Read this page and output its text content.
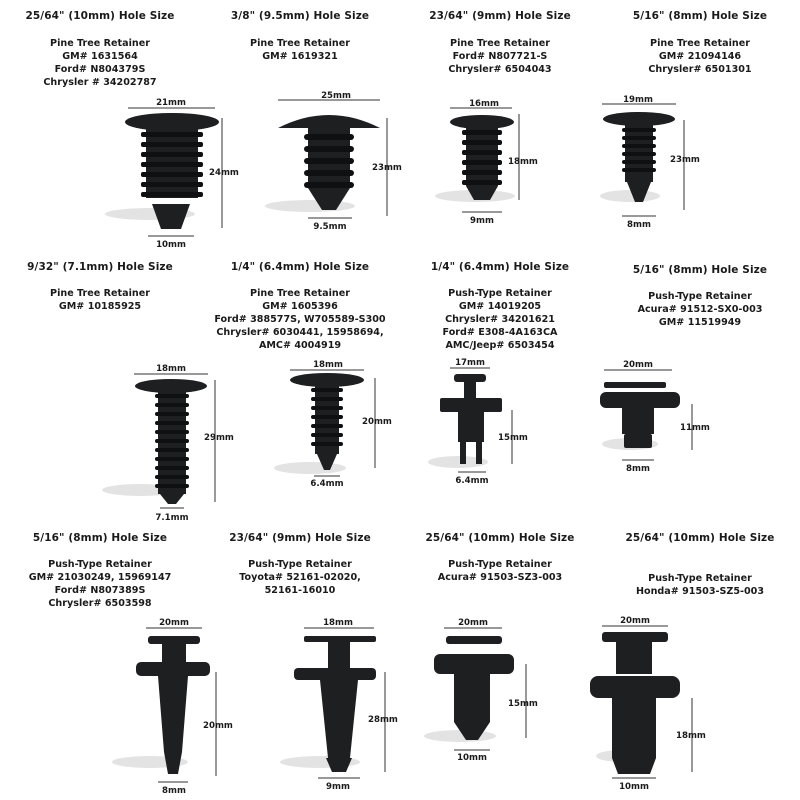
25/64" (10mm) Hole Size
Pine Tree Retainer
GM# 1631564
Ford# N804379S
Chrysler # 34202787
21mm
24mm
10mm
3/8" (9.5mm) Hole Size
Pine Tree Retainer
GM# 1619321
25mm
23mm
9.5mm
23/64" (9mm) Hole Size
Pine Tree Retainer
Ford# N807721-S
Chrysler# 6504043
16mm
18mm
9mm
5/16" (8mm) Hole Size
Pine Tree Retainer
GM# 21094146
Chrysler# 6501301
19mm
23mm
8mm
9/32" (7.1mm) Hole Size
Pine Tree Retainer
GM# 10185925
18mm
29mm
7.1mm
1/4" (6.4mm) Hole Size
Pine Tree Retainer
GM# 1605396
Ford# 388577S, W705589-S300
Chrysler# 6030441, 15958694,
AMC# 4004919
18mm
20mm
6.4mm
1/4" (6.4mm) Hole Size
Push-Type Retainer
GM# 14019205
Chrysler# 34201621
Ford# E308-4A163CA
AMC/Jeep# 6503454
17mm
15mm
6.4mm
5/16" (8mm) Hole Size
Push-Type Retainer
Acura# 91512-SX0-003
GM# 11519949
20mm
11mm
8mm
5/16" (8mm) Hole Size
Push-Type Retainer
GM# 21030249, 15969147
Ford# N807389S
Chrysler# 6503598
20mm
20mm
8mm
23/64" (9mm) Hole Size
Push-Type Retainer
Toyota# 52161-02020,
52161-16010
18mm
28mm
9mm
25/64" (10mm) Hole Size
Push-Type Retainer
Acura# 91503-SZ3-003
20mm
15mm
10mm
25/64" (10mm) Hole Size
Push-Type Retainer
Honda# 91503-SZ5-003
20mm
18mm
10mm
